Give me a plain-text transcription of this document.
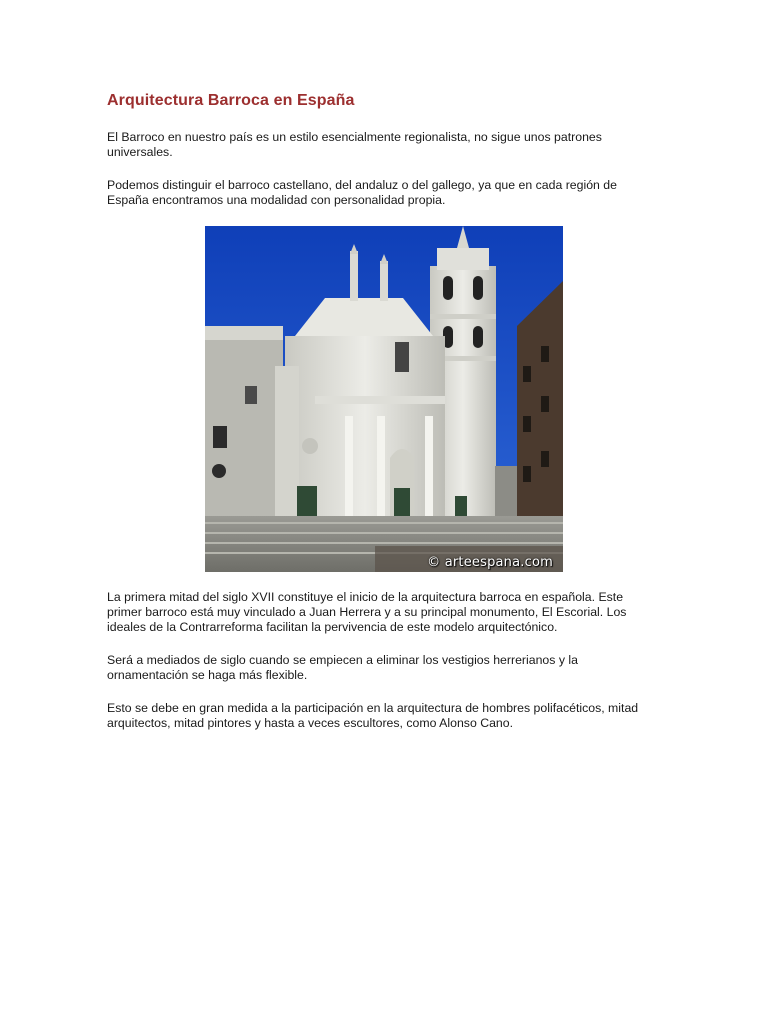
Arquitectura Barroca en España

El Barroco en nuestro país es un estilo esencialmente regionalista, no sigue unos patrones universales.

Podemos distinguir el barroco castellano, del andaluz o del gallego, ya que en cada región de España encontramos una modalidad con personalidad propia.

© arteespana.com

La primera mitad del siglo XVII constituye el inicio de la arquitectura barroca en española. Este primer barroco está muy vinculado a Juan Herrera y a su principal monumento, El Escorial. Los ideales de la Contrarreforma facilitan la pervivencia de este modelo arquitectónico.

Será a mediados de siglo cuando se empiecen a eliminar los vestigios herrerianos y la ornamentación se haga más flexible.

Esto se debe en gran medida a la participación en la arquitectura de hombres polifacéticos, mitad arquitectos, mitad pintores y hasta a veces escultores, como Alonso Cano.
